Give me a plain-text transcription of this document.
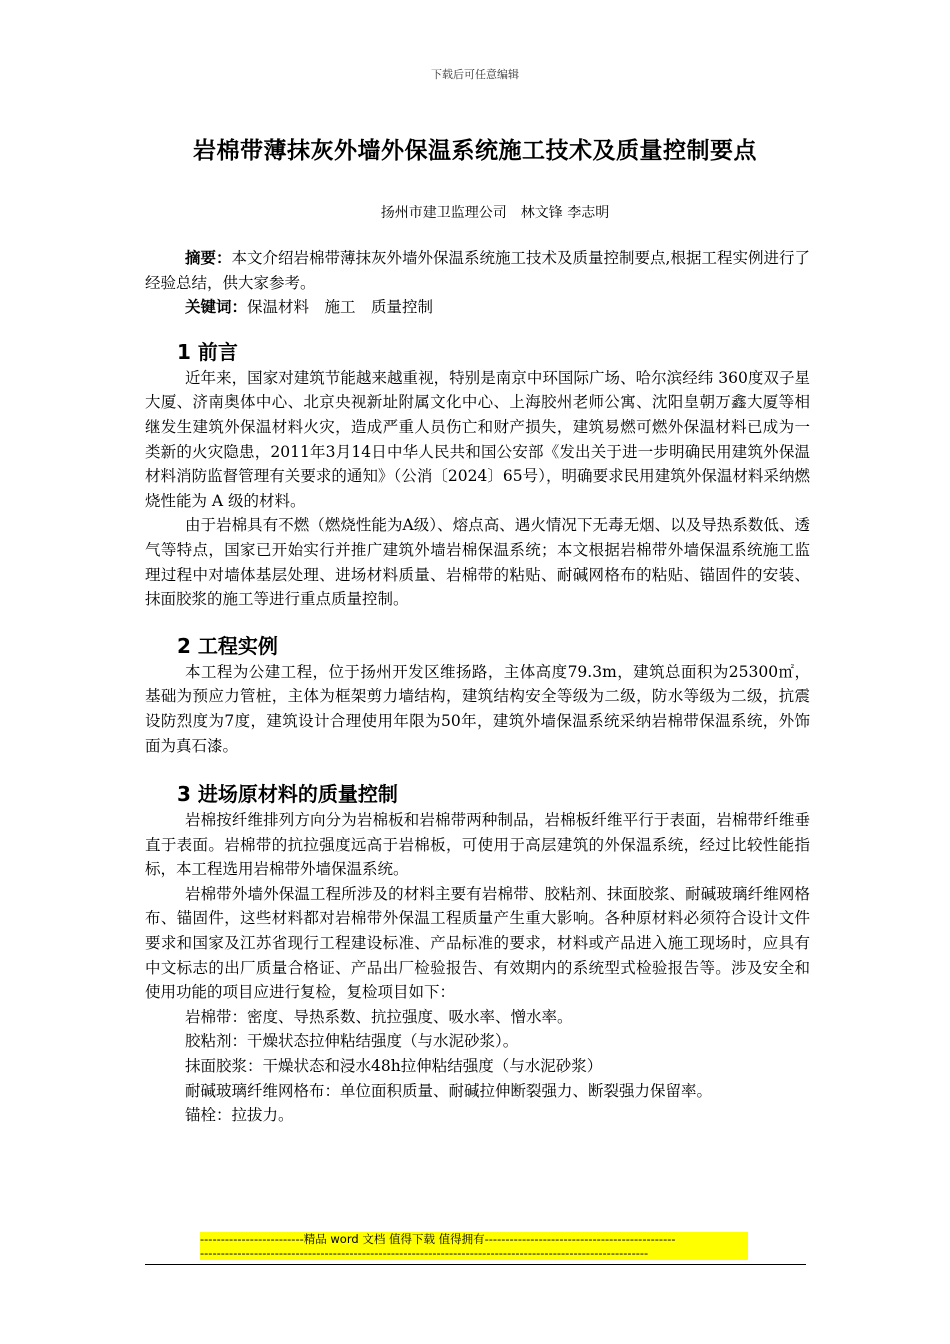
下载后可任意编辑
岩棉带薄抹灰外墙外保温系统施工技术及质量控制要点
扬州市建卫监理公司　林文锋 李志明

摘要：本文介绍岩棉带薄抹灰外墙外保温系统施工技术及质量控制要点,根据工程实例进行了经验总结，供大家参考。

关键词：保温材料　施工　质量控制

1 前言

近年来，国家对建筑节能越来越重视，特别是南京中环国际广场、哈尔滨经纬 360度双子星大厦、济南奥体中心、北京央视新址附属文化中心、上海胶州老师公寓、沈阳皇朝万鑫大厦等相继发生建筑外保温材料火灾，造成严重人员伤亡和财产损失，建筑易燃可燃外保温材料已成为一类新的火灾隐患，2011年3月14日中华人民共和国公安部《发出关于进一步明确民用建筑外保温材料消防监督管理有关要求的通知》（公消〔2024〕65号），明确要求民用建筑外保温材料采纳燃烧性能为 A 级的材料。

由于岩棉具有不燃（燃烧性能为A级）、熔点高、遇火情况下无毒无烟、以及导热系数低、透气等特点，国家已开始实行并推广建筑外墙岩棉保温系统；本文根据岩棉带外墙保温系统施工监理过程中对墙体基层处理、进场材料质量、岩棉带的粘贴、耐碱网格布的粘贴、锚固件的安装、抹面胶浆的施工等进行重点质量控制。

2 工程实例

本工程为公建工程，位于扬州开发区维扬路，主体高度79.3m，建筑总面积为25300㎡，基础为预应力管桩，主体为框架剪力墙结构，建筑结构安全等级为二级，防水等级为二级，抗震设防烈度为7度，建筑设计合理使用年限为50年，建筑外墙保温系统采纳岩棉带保温系统，外饰面为真石漆。

3 进场原材料的质量控制

岩棉按纤维排列方向分为岩棉板和岩棉带两种制品，岩棉板纤维平行于表面，岩棉带纤维垂直于表面。岩棉带的抗拉强度远高于岩棉板，可使用于高层建筑的外保温系统，经过比较性能指标，本工程选用岩棉带外墙保温系统。

岩棉带外墙外保温工程所涉及的材料主要有岩棉带、胶粘剂、抹面胶浆、耐碱玻璃纤维网格布、锚固件，这些材料都对岩棉带外保温工程质量产生重大影响。各种原材料必须符合设计文件要求和国家及江苏省现行工程建设标准、产品标准的要求，材料或产品进入施工现场时，应具有中文标志的出厂质量合格证、产品出厂检验报告、有效期内的系统型式检验报告等。涉及安全和使用功能的项目应进行复检，复检项目如下：

岩棉带：密度、导热系数、抗拉强度、吸水率、憎水率。

胶粘剂：干燥状态拉伸粘结强度（与水泥砂浆）。

抹面胶浆：干燥状态和浸水48h拉伸粘结强度（与水泥砂浆）

耐碱玻璃纤维网格布：单位面积质量、耐碱拉伸断裂强力、断裂强力保留率。

锚栓：拉拔力。

-------------------------精品 word 文档 值得下载 值得拥有----------------------------------------------
------------------------------------------------------------------------------------------------------------
